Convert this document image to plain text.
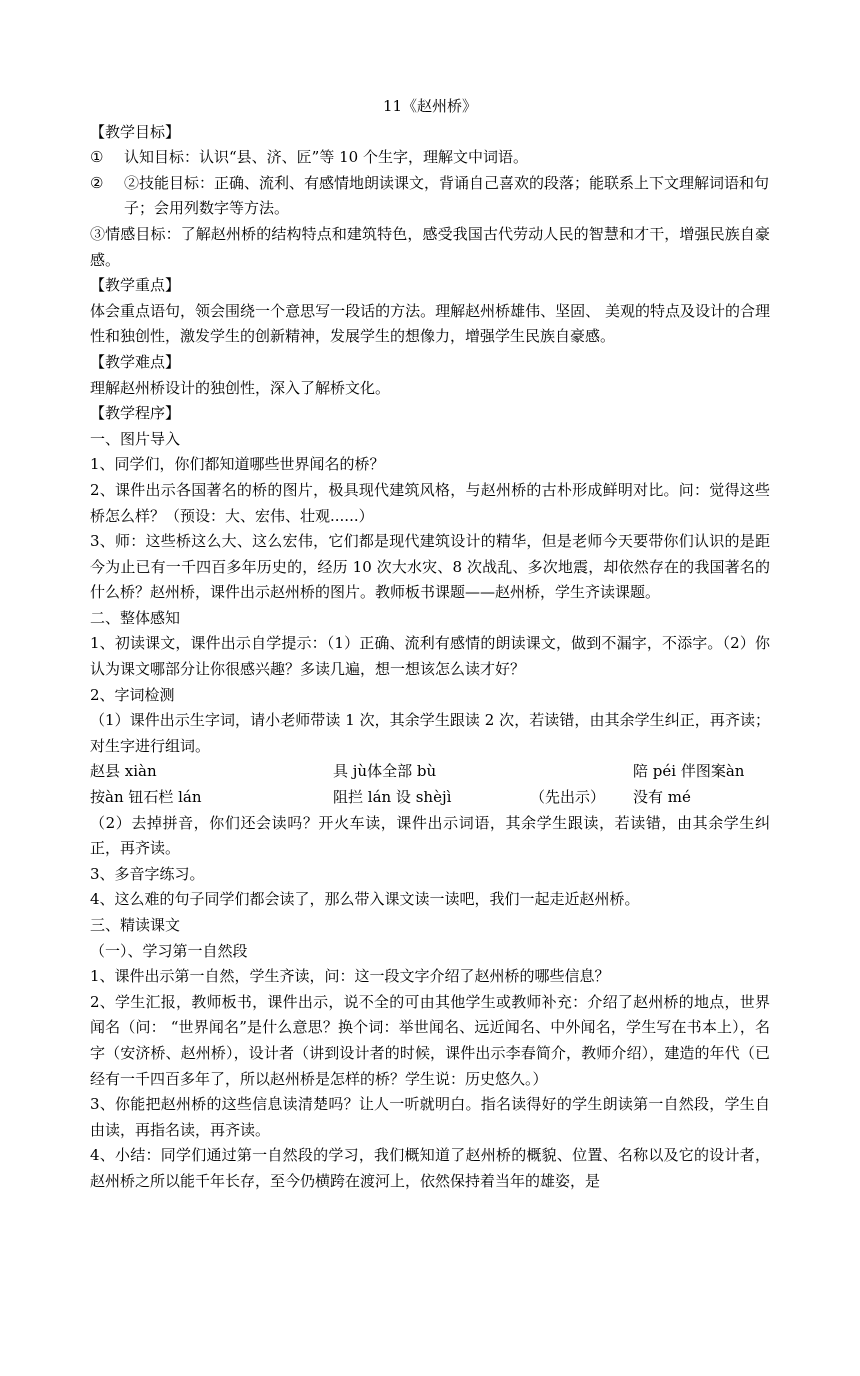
11《赵州桥》

【教学目标】

①	认知目标：认识“县、济、匠”等 10 个生字，理解文中词语。
②	②技能目标：正确、流利、有感情地朗读课文，背诵自己喜欢的段落；能联系上下文理解词语和句子；会用列数字等方法。

③情感目标：了解赵州桥的结构特点和建筑特色，感受我国古代劳动人民的智慧和才干，增强民族自豪感。

【教学重点】

体会重点语句，领会围绕一个意思写一段话的方法。理解赵州桥雄伟、坚固、 美观的特点及设计的合理性和独创性，激发学生的创新精神，发展学生的想像力，增强学生民族自豪感。

【教学难点】

理解赵州桥设计的独创性，深入了解桥文化。

【教学程序】

一、图片导入

1、同学们，你们都知道哪些世界闻名的桥？

2、课件出示各国著名的桥的图片，极具现代建筑风格，与赵州桥的古朴形成鲜明对比。问：觉得这些桥怎么样？（预设：大、宏伟、壮观......）

3、师：这些桥这么大、这么宏伟，它们都是现代建筑设计的精华，但是老师今天要带你们认识的是距今为止已有一千四百多年历史的，经历 10 次大水灾、8 次战乱、多次地震，却依然存在的我国著名的什么桥？赵州桥，课件出示赵州桥的图片。教师板书课题——赵州桥，学生齐读课题。

二、整体感知

1、初读课文，课件出示自学提示：（1）正确、流利有感情的朗读课文，做到不漏字，不添字。（2）你认为课文哪部分让你很感兴趣？多读几遍，想一想该怎么读才好？

2、字词检测

（1）课件出示生字词，请小老师带读 1 次，其余学生跟读 2 次，若读错，由其余学生纠正，再齐读；对生字进行组词。

赵县 xiàn	具 jù体全部 bù	陪 péi 伴图案àn
按àn 钮石栏 lán	阻拦 lán 设 shèjì	（先出示）	没有 mé

（2）去掉拼音，你们还会读吗？开火车读，课件出示词语，其余学生跟读，若读错，由其余学生纠正，再齐读。

3、多音字练习。

4、这么难的句子同学们都会读了，那么带入课文读一读吧，我们一起走近赵州桥。

三、精读课文

（一）、学习第一自然段

1、课件出示第一自然，学生齐读，问：这一段文字介绍了赵州桥的哪些信息？

2、学生汇报，教师板书，课件出示，说不全的可由其他学生或教师补充：介绍了赵州桥的地点，世界闻名（问： “世界闻名”是什么意思？换个词：举世闻名、远近闻名、中外闻名，学生写在书本上），名字（安济桥、赵州桥），设计者（讲到设计者的时候，课件出示李春简介，教师介绍），建造的年代（已经有一千四百多年了，所以赵州桥是怎样的桥？学生说：历史悠久。）

3、你能把赵州桥的这些信息读清楚吗？让人一听就明白。指名读得好的学生朗读第一自然段，学生自由读，再指名读，再齐读。

4、小结：同学们通过第一自然段的学习，我们概知道了赵州桥的概貌、位置、名称以及它的设计者，赵州桥之所以能千年长存，至今仍横跨在渡河上，依然保持着当年的雄姿，是
